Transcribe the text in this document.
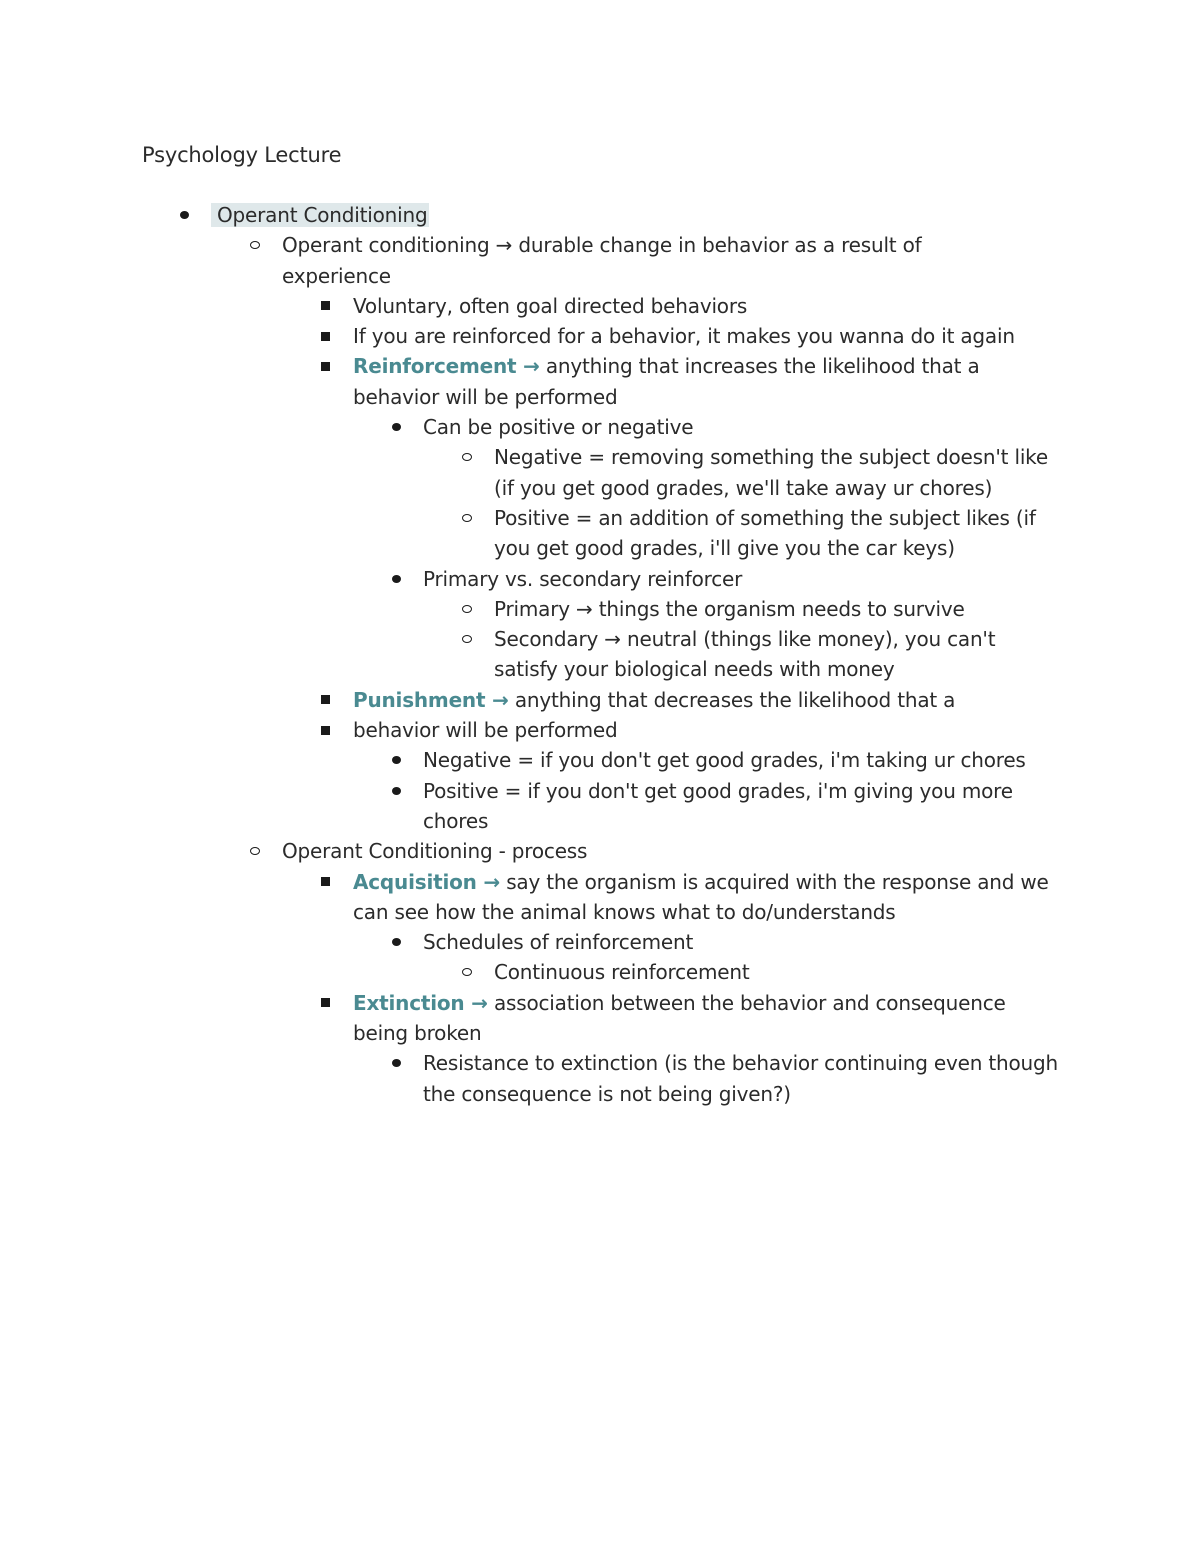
Psychology Lecture
Operant Conditioning
Operant conditioning → durable change in behavior as a result of experience
Voluntary, often goal directed behaviors
If you are reinforced for a behavior, it makes you wanna do it again
Reinforcement → anything that increases the likelihood that a behavior will be performed
Can be positive or negative
Negative = removing something the subject doesn't like (if you get good grades, we'll take away ur chores)
Positive = an addition of something the subject likes (if you get good grades, i'll give you the car keys)
Primary vs. secondary reinforcer
Primary → things the organism needs to survive
Secondary → neutral (things like money), you can't satisfy your biological needs with money
Punishment → anything that decreases the likelihood that a
behavior will be performed
Negative = if you don't get good grades, i'm taking ur chores
Positive = if you don't get good grades, i'm giving you more chores
Operant Conditioning - process
Acquisition → say the organism is acquired with the response and we can see how the animal knows what to do/understands
Schedules of reinforcement
Continuous reinforcement
Extinction → association between the behavior and consequence being broken
Resistance to extinction (is the behavior continuing even though the consequence is not being given?)
